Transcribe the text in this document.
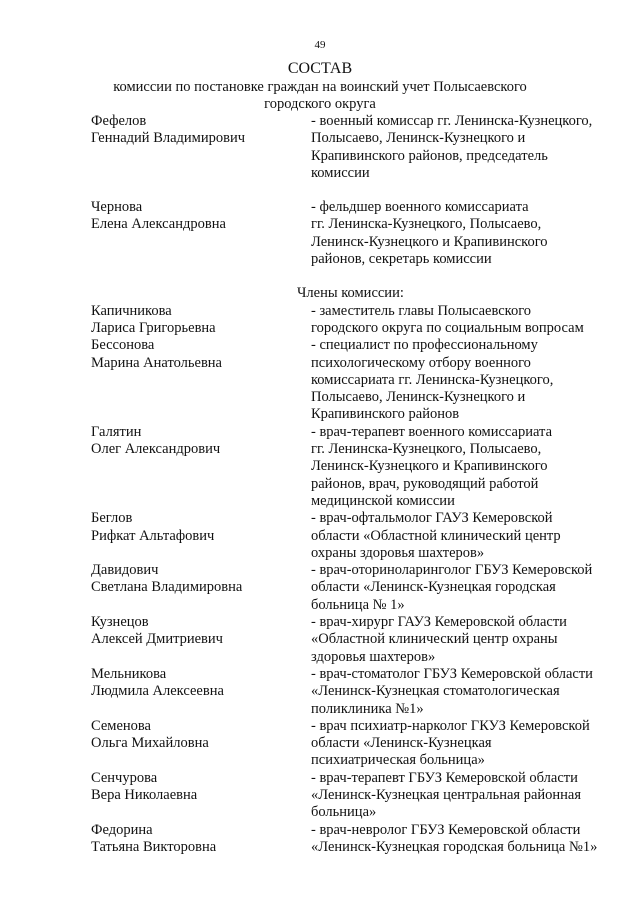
49
СОСТАВ
комиссии по постановке граждан на воинский учет Полысаевского
городского округа
Фефелов
Геннадий Владимирович
- военный комиссар гг. Ленинска-Кузнецкого,
Полысаево, Ленинск-Кузнецкого и
Крапивинского районов, председатель
комиссии
Чернова
Елена Александровна
- фельдшер военного комиссариата
гг. Ленинска-Кузнецкого, Полысаево,
Ленинск-Кузнецкого и Крапивинского
районов, секретарь комиссии
Члены комиссии:
Капичникова
Лариса Григорьевна
- заместитель главы Полысаевского
городского округа по социальным вопросам
Бессонова
Марина Анатольевна
- специалист по профессиональному
психологическому отбору военного
комиссариата гг. Ленинска-Кузнецкого,
Полысаево, Ленинск-Кузнецкого и
Крапивинского районов
Галятин
Олег Александрович
- врач-терапевт военного комиссариата
гг. Ленинска-Кузнецкого, Полысаево,
Ленинск-Кузнецкого и Крапивинского
районов, врач, руководящий работой
медицинской комиссии
Беглов
Рифкат Альтафович
- врач-офтальмолог ГАУЗ Кемеровской
области «Областной клинический центр
охраны здоровья шахтеров»
Давидович
Светлана Владимировна
- врач-оториноларинголог ГБУЗ Кемеровской
области «Ленинск-Кузнецкая городская
больница № 1»
Кузнецов
Алексей Дмитриевич
- врач-хирург ГАУЗ Кемеровской области
«Областной клинический центр охраны
здоровья шахтеров»
Мельникова
Людмила Алексеевна
- врач-стоматолог ГБУЗ Кемеровской области
«Ленинск-Кузнецкая стоматологическая
поликлиника №1»
Семенова
Ольга Михайловна
- врач психиатр-нарколог ГКУЗ Кемеровской
области «Ленинск-Кузнецкая
психиатрическая больница»
Сенчурова
Вера Николаевна
- врач-терапевт ГБУЗ Кемеровской области
«Ленинск-Кузнецкая центральная районная
больница»
Федорина
Татьяна Викторовна
- врач-невролог ГБУЗ Кемеровской области
«Ленинск-Кузнецкая городская больница №1»
